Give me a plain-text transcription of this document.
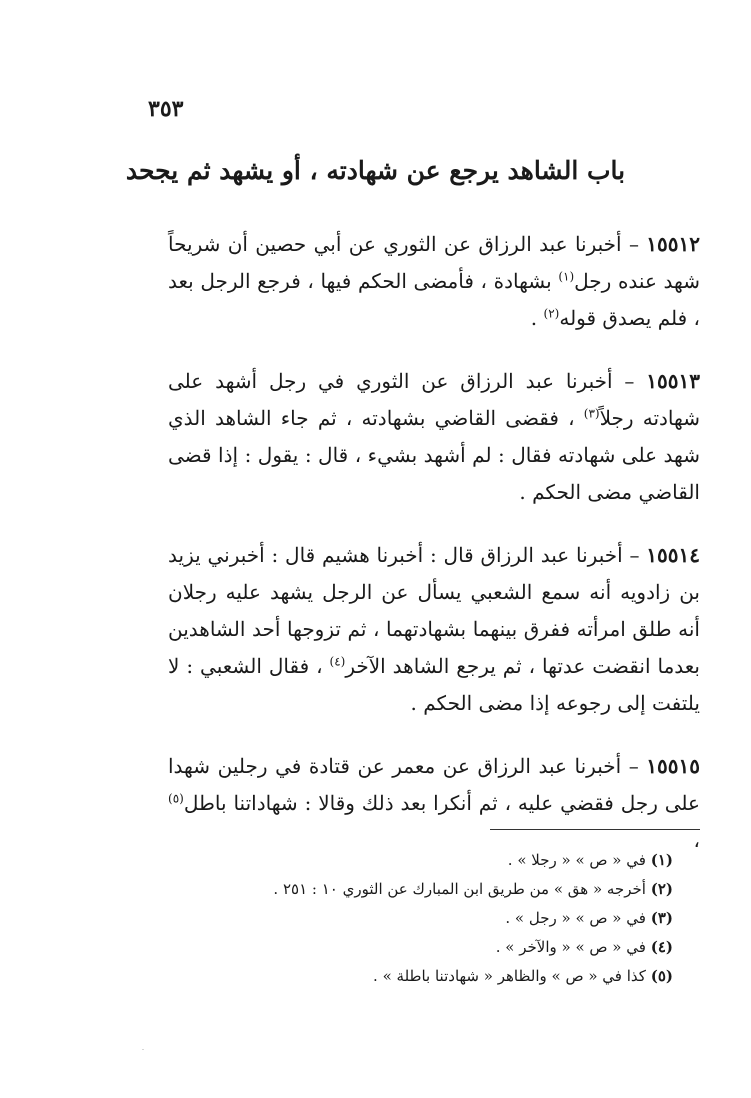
٣٥٣
باب الشاهد يرجع عن شهادته ، أو يشهد ثم يجحد

١٥٥١٢ – أخبرنا عبد الرزاق عن الثوري عن أبي حصين أن شريحاً شهد عنده رجل$^{(١)}$ بشهادة ، فأمضى الحكم فيها ، فرجع الرجل بعد ، فلم يصدق قوله$^{(٢)}$ .

١٥٥١٣ – أخبرنا عبد الرزاق عن الثوري في رجل أشهد على شهادته رجلاً$^{(٣)}$ ، فقضى القاضي بشهادته ، ثم جاء الشاهد الذي شهد على شهادته فقال : لم أشهد بشيء ، قال : يقول : إذا قضى القاضي مضى الحكم .

١٥٥١٤ – أخبرنا عبد الرزاق قال : أخبرنا هشيم قال : أخبرني يزيد بن زادويه أنه سمع الشعبي يسأل عن الرجل يشهد عليه رجلان أنه طلق امرأته ففرق بينهما بشهادتهما ، ثم تزوجها أحد الشاهدين بعدما انقضت عدتها ، ثم يرجع الشاهد الآخر$^{(٤)}$ ، فقال الشعبي : لا يلتفت إلى رجوعه إذا مضى الحكم .

١٥٥١٥ – أخبرنا عبد الرزاق عن معمر عن قتادة في رجلين شهدا على رجل فقضي عليه ، ثم أنكرا بعد ذلك وقالا : شهاداتنا باطل$^{(٥)}$ ،

(١) في « ص » « رجلا » .

(٢) أخرجه « هق » من طريق ابن المبارك عن الثوري ١٠ : ٢٥١ .

(٣) في « ص » « رجل » .

(٤) في « ص » « والآخر » .

(٥) كذا في « ص » والظاهر « شهادتنا باطلة » .
